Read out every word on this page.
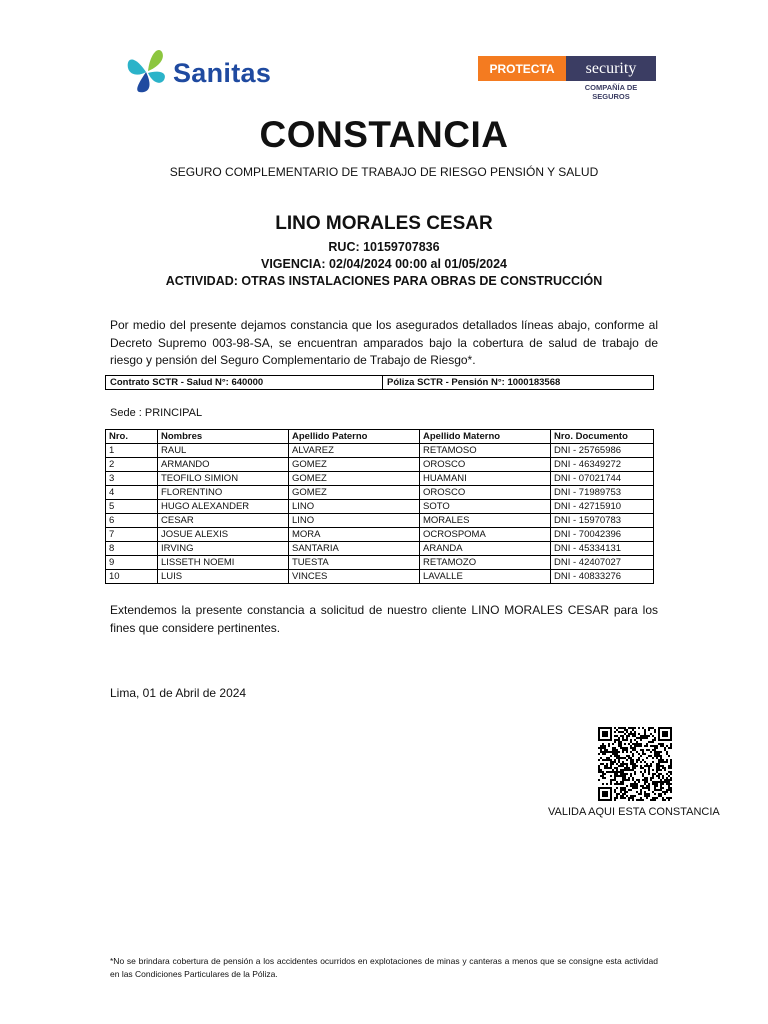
Sanitas	PROTECTA	security
COMPAÑÍA DE SEGUROS
CONSTANCIA
SEGURO COMPLEMENTARIO DE TRABAJO DE RIESGO PENSIÓN Y SALUD
LINO MORALES CESAR
RUC: 10159707836
VIGENCIA: 02/04/2024 00:00 al 01/05/2024
ACTIVIDAD: OTRAS INSTALACIONES PARA OBRAS DE CONSTRUCCIÓN
Por medio del presente dejamos constancia que los asegurados detallados líneas abajo, conforme al Decreto Supremo 003-98-SA, se encuentran amparados bajo la cobertura de salud de trabajo de riesgo y pensión del Seguro Complementario de Trabajo de Riesgo*.
Contrato SCTR - Salud N°: 640000	Póliza SCTR - Pensión N°: 1000183568
Sede : PRINCIPAL
Nro.	Nombres	Apellido Paterno	Apellido Materno	Nro. Documento
1	RAUL	ALVAREZ	RETAMOSO	DNI - 25765986
2	ARMANDO	GOMEZ	OROSCO	DNI - 46349272
3	TEOFILO SIMION	GOMEZ	HUAMANI	DNI - 07021744
4	FLORENTINO	GOMEZ	OROSCO	DNI - 71989753
5	HUGO ALEXANDER	LINO	SOTO	DNI - 42715910
6	CESAR	LINO	MORALES	DNI - 15970783
7	JOSUE ALEXIS	MORA	OCROSPOMA	DNI - 70042396
8	IRVING	SANTARIA	ARANDA	DNI - 45334131
9	LISSETH NOEMI	TUESTA	RETAMOZO	DNI - 42407027
10	LUIS	VINCES	LAVALLE	DNI - 40833276
Extendemos la presente constancia a solicitud de nuestro cliente LINO MORALES CESAR para los fines que considere pertinentes.
Lima, 01 de Abril de 2024
VALIDA AQUI ESTA CONSTANCIA
*No se brindara cobertura de pensión a los accidentes ocurridos en explotaciones de minas y canteras a menos que se consigne esta actividad en las Condiciones Particulares de la Póliza.
